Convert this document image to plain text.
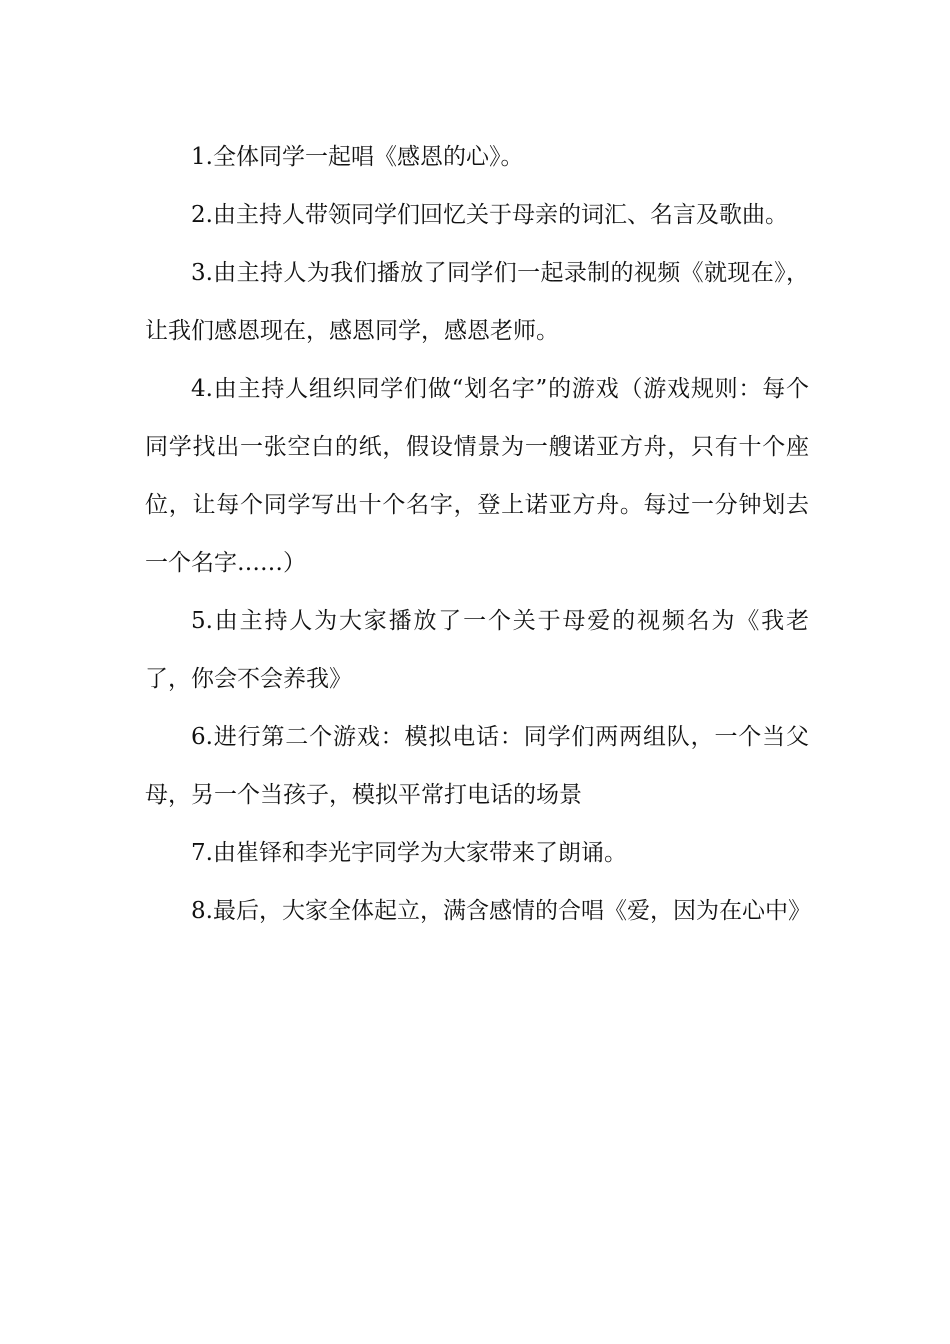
1.全体同学一起唱《感恩的心》。

2.由主持人带领同学们回忆关于母亲的词汇、名言及歌曲。

3.由主持人为我们播放了同学们一起录制的视频《就现在》，让我们感恩现在，感恩同学，感恩老师。

4.由主持人组织同学们做“划名字”的游戏（游戏规则：每个同学找出一张空白的纸，假设情景为一艘诺亚方舟，只有十个座位，让每个同学写出十个名字，登上诺亚方舟。每过一分钟划去一个名字……）

5.由主持人为大家播放了一个关于母爱的视频名为《我老了，你会不会养我》

6.进行第二个游戏：模拟电话：同学们两两组队，一个当父母，另一个当孩子，模拟平常打电话的场景

7.由崔铎和李光宇同学为大家带来了朗诵。

8.最后，大家全体起立，满含感情的合唱《爱，因为在心中》
